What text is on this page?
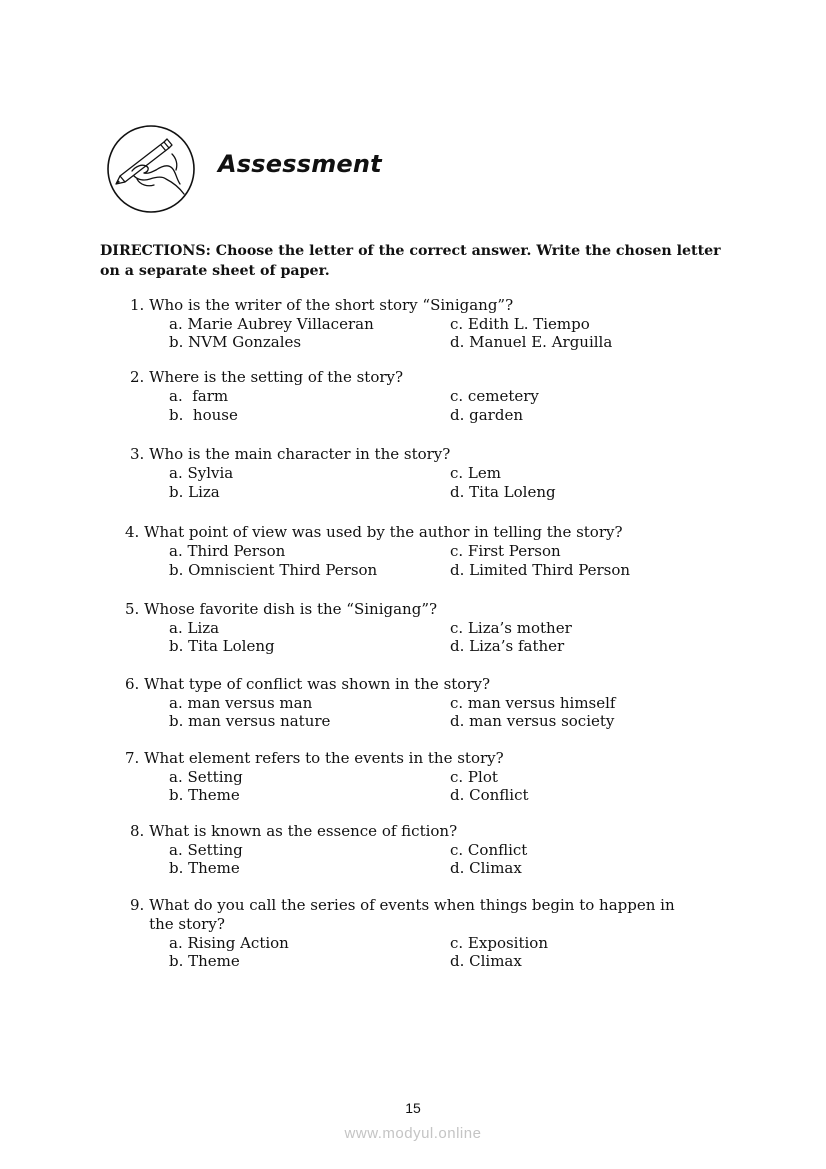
Assessment
DIRECTIONS: Choose the letter of the correct answer. Write the chosen letter on a separate sheet of paper.
1.
Who is the writer of the short story “Sinigang”?
a. Marie Aubrey Villaceran	c. Edith L. Tiempo
b. NVM Gonzales	d. Manuel E. Arguilla
2.
Where is the setting of the story?
a.  farm	c. cemetery
b.  house	d. garden
3.
Who is the main character in the story?
a. Sylvia	c. Lem
b. Liza	d. Tita Loleng
4.
What point of view was used by the author in telling the story?
a. Third Person	c. First Person
b. Omniscient Third Person	d. Limited Third Person
5.
Whose favorite dish is the “Sinigang”?
a. Liza	c. Liza’s mother
b. Tita Loleng	d. Liza’s father
6.
What type of conflict was shown in the story?
a. man versus man	c. man versus himself
b. man versus nature	d. man versus society
7.
What element refers to the events in the story?
a. Setting	c. Plot
b. Theme	d. Conflict
8.
What is known as the essence of fiction?
a. Setting	c. Conflict
b. Theme	d. Climax
9.
What do you call the series of events when things begin to happen in the story?
a. Rising Action	c. Exposition
b. Theme	d. Climax
15
www.modyul.online
